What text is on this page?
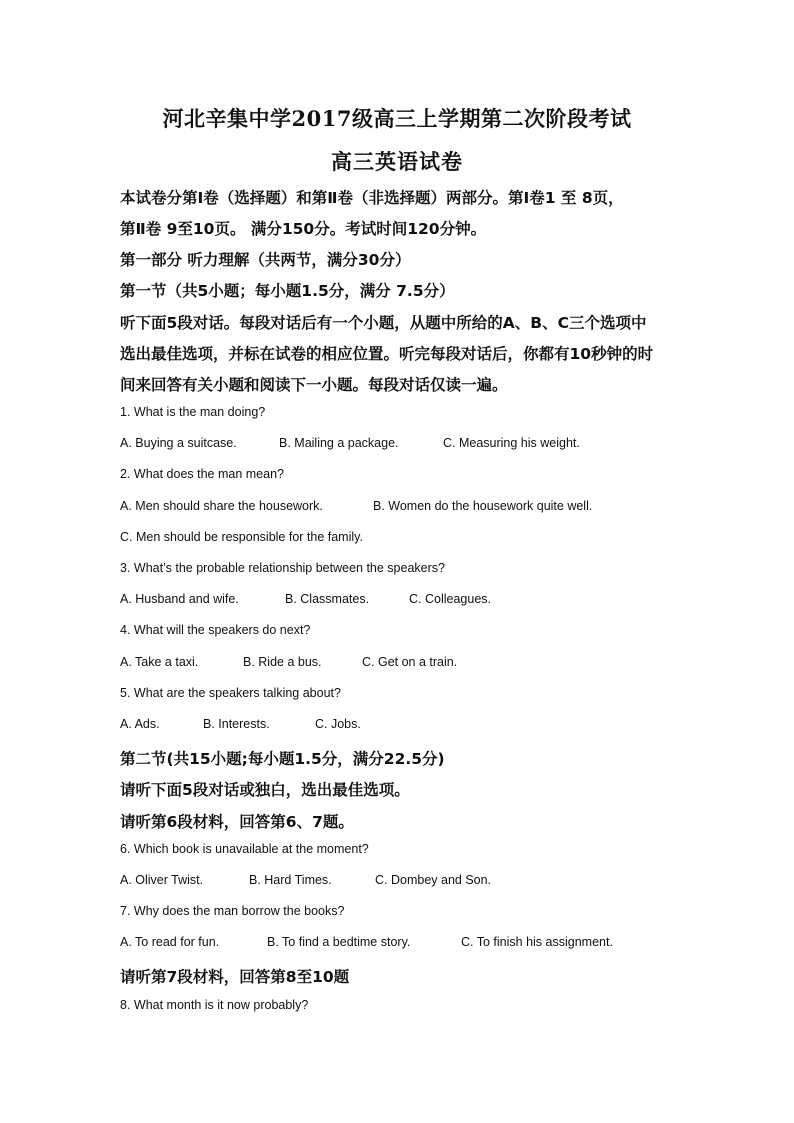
河北辛集中学2017级高三上学期第二次阶段考试
高三英语试卷
本试卷分第Ⅰ卷（选择题）和第Ⅱ卷（非选择题）两部分。第Ⅰ卷1 至 8页，
第Ⅱ卷 9至10页。 满分150分。考试时间120分钟。
第一部分 听力理解（共两节，满分30分）
第一节（共5小题；每小题1.5分，满分 7.5分）
听下面5段对话。每段对话后有一个小题，从题中所给的A、B、C三个选项中
选出最佳选项，并标在试卷的相应位置。听完每段对话后，你都有10秒钟的时
间来回答有关小题和阅读下一小题。每段对话仅读一遍。
1. What is the man doing?
A. Buying a suitcase.	B. Mailing a package.	C. Measuring his weight.
2. What does the man mean?
A. Men should share the housework.	B. Women do the housework quite well.
C. Men should be responsible for the family.
3. What’s the probable relationship between the speakers?
A. Husband and wife.	B. Classmates.	C. Colleagues.
4. What will the speakers do next?
A. Take a taxi.	B. Ride a bus.	C. Get on a train.
5. What are the speakers talking about?
A. Ads.	B. Interests.	C. Jobs.
第二节(共15小题;每小题1.5分，满分22.5分)
请听下面5段对话或独白，选出最佳选项。
请听第6段材料，回答第6、7题。
6. Which book is unavailable at the moment?
A. Oliver Twist.	B. Hard Times.	C. Dombey and Son.
7. Why does the man borrow the books?
A. To read for fun.	B. To find a bedtime story.	C. To finish his assignment.
请听第7段材料，回答第8至10题
8. What month is it now probably?
